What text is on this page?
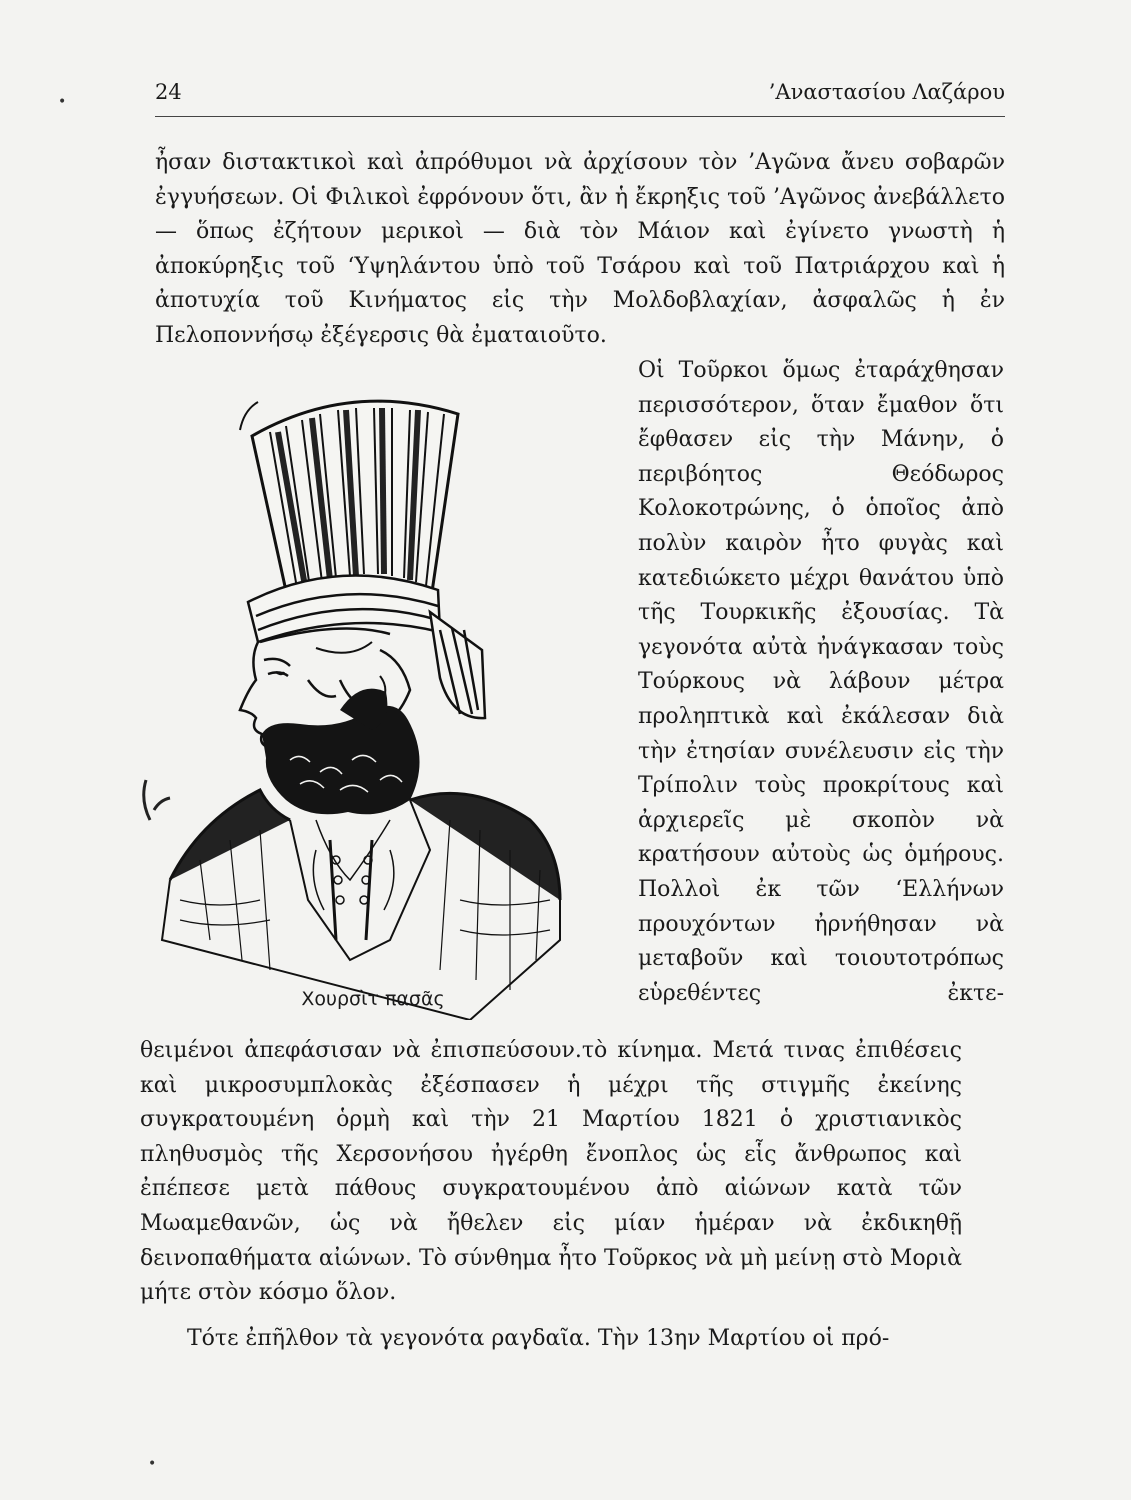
•	24	’Αναστασίου Λαζάρου

ἦσαν διστακτικοὶ καὶ ἀπρόθυμοι νὰ ἀρχίσουν τὸν ’Αγῶνα ἄνευ σοβαρῶν ἐγγυήσεων. Οἱ Φιλικοὶ ἐφρόνουν ὅτι, ἂν ἡ ἔκρηξις τοῦ ’Αγῶνος ἀνεβάλλετο — ὅπως ἐζήτουν μερικοὶ — διὰ τὸν Μάιον καὶ ἐγίνετο γνωστὴ ἡ ἀποκύρηξις τοῦ ‘Υψηλάντου ὑπὸ τοῦ Τσάρου καὶ τοῦ Πατριάρχου καὶ ἡ ἀποτυχία τοῦ Κινήματος εἰς τὴν Μολδοβλαχίαν, ἀσφαλῶς ἡ ἐν Πελοποννήσῳ ἐξέγερσις θὰ ἐματαιοῦτο.

Οἱ Τοῦρκοι ὅμως ἐταράχθησαν περισσότερον, ὅταν ἔμαθον ὅτι ἔφθασεν εἰς τὴν Μάνην, ὁ περιβόητος Θεόδωρος Κολοκοτρώνης, ὁ ὁποῖος ἀπὸ πολὺν καιρὸν ἦτο φυγὰς καὶ κατεδιώκετο μέχρι θανάτου ὑπὸ τῆς Τουρκικῆς ἐξουσίας. Τὰ γεγονότα αὐτὰ ἠνάγκασαν τοὺς Τούρκους νὰ λάβουν μέτρα προληπτικὰ καὶ ἐκάλεσαν διὰ τὴν ἐτησίαν συνέλευσιν εἰς τὴν Τρίπολιν τοὺς προκρίτους καὶ ἀρχιερεῖς μὲ σκοπὸν νὰ κρατήσουν αὐτοὺς ὡς ὁμήρους. Πολλοὶ ἐκ τῶν ‘Ελλήνων προυχόντων ἠρνήθησαν νὰ μεταβοῦν καὶ τοιουτοτρόπως εὑρεθέντες ἐκτε-

θειμένοι ἀπεφάσισαν νὰ ἐπισπεύσουν.τὸ κίνημα. Μετά τινας ἐπιθέσεις καὶ μικροσυμπλοκὰς ἐξέσπασεν ἡ μέχρι τῆς στιγμῆς ἐκείνης συγκρατουμένη ὁρμὴ καὶ τὴν 21 Μαρτίου 1821 ὁ χριστιανικὸς πληθυσμὸς τῆς Χερσονήσου ἠγέρθη ἔνοπλος ὡς εἷς ἄνθρωπος καὶ ἐπέπεσε μετὰ πάθους συγκρατουμένου ἀπὸ αἰώνων κατὰ τῶν Μωαμεθανῶν, ὡς νὰ ἤθελεν εἰς μίαν ἡμέραν νὰ ἐκδικηθῇ δεινοπαθήματα αἰώνων. Τὸ σύνθημα ἦτο Τοῦρκος νὰ μὴ μείνῃ στὸ Μοριὰ μήτε στὸν κόσμο ὅλον.

Τότε ἐπῆλθον τὰ γεγονότα ραγδαῖα. Τὴν 13ην Μαρτίου οἱ πρό-

Χουρσὶτ πασᾶς
•
